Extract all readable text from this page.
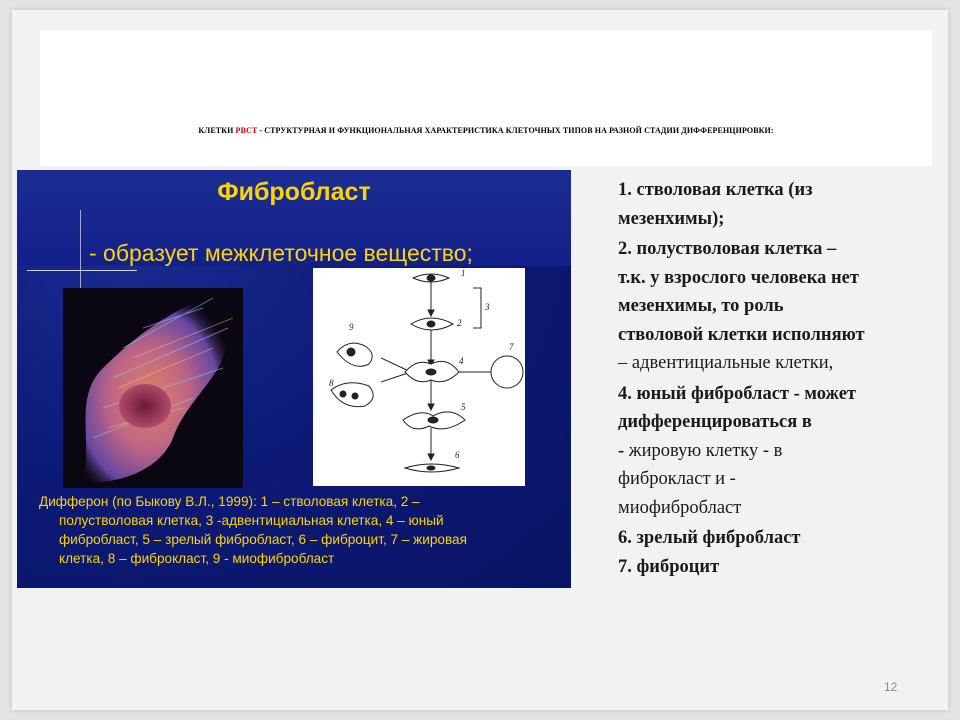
КЛЕТКИ РВСТ - СТРУКТУРНАЯ И ФУНКЦИОНАЛЬНАЯ ХАРАКТЕРИСТИКА КЛЕТОЧНЫХ ТИПОВ НА РАЗНОЙ СТАДИИ ДИФФЕРЕНЦИРОВКИ:
Фибробласт
- образует межклеточное вещество;
1
2
3
4
5
6
7
8
9
Дифферон (по Быкову В.Л., 1999): 1 – стволовая клетка, 2 –
полустволовая клетка, 3 -адвентициальная клетка, 4 – юный
фибробласт, 5 – зрелый фибробласт, 6 – фиброцит, 7 – жировая
клетка, 8 – фиброкласт, 9 - миофибробласт
1. стволовая клетка (из
мезенхимы);
2. полустволовая клетка –
т.к. у взрослого человека нет
мезенхимы, то роль
стволовой клетки исполняют
– адвентициальные клетки,
4. юный фибробласт - может
дифференцироваться в
- жировую клетку - в
фиброкласт и -
миофибробласт
6. зрелый фибробласт
7. фиброцит
12
